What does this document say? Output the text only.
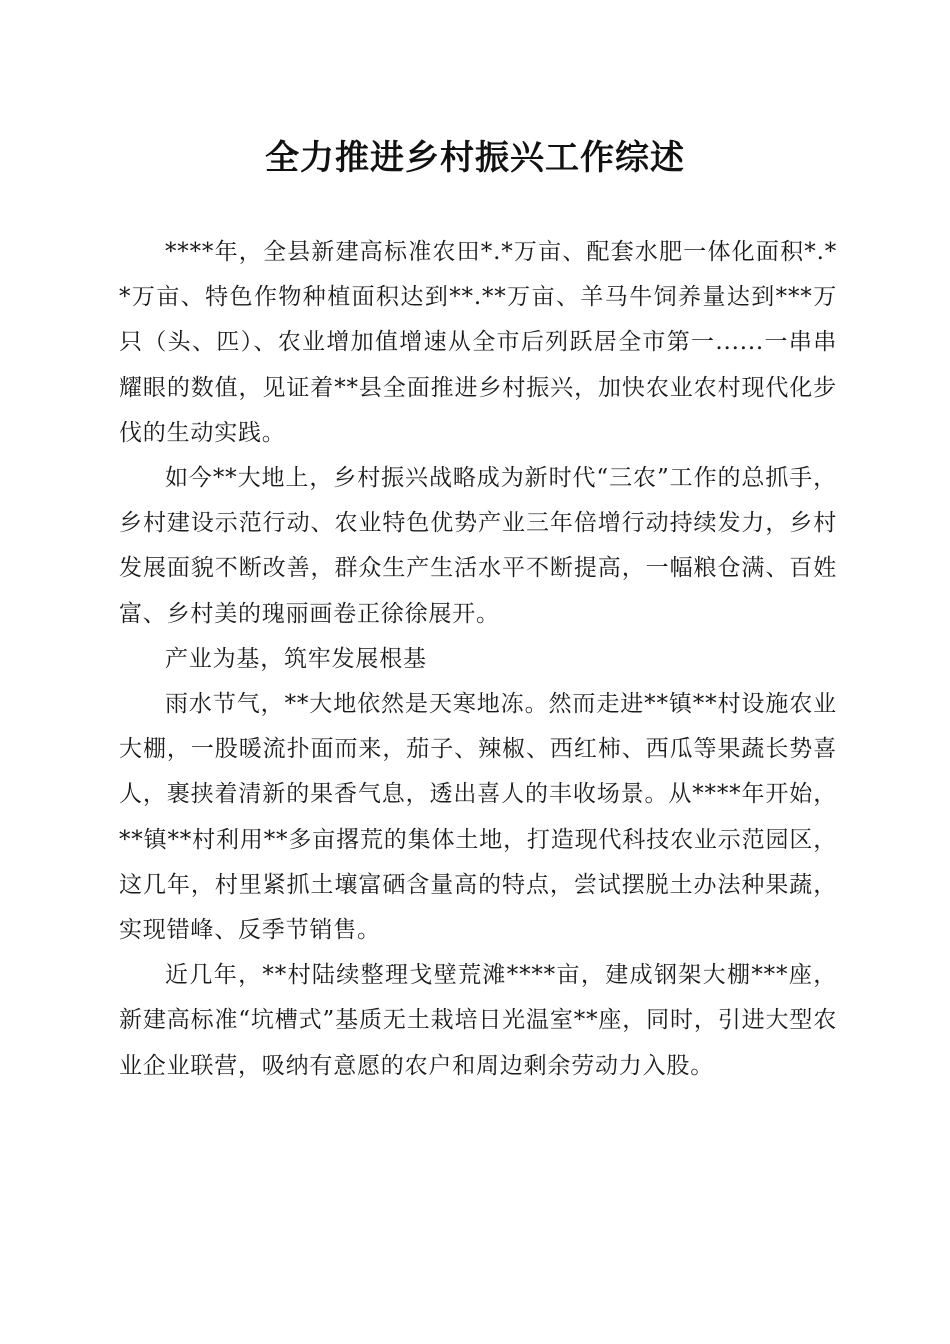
全力推进乡村振兴工作综述

****年，全县新建高标准农田*.*万亩、配套水肥一体化面积*.**万亩、特色作物种植面积达到**.**万亩、羊马牛饲养量达到***万只（头、匹）、农业增加值增速从全市后列跃居全市第一......一串串耀眼的数值，见证着**县全面推进乡村振兴，加快农业农村现代化步伐的生动实践。

如今**大地上，乡村振兴战略成为新时代“三农”工作的总抓手，乡村建设示范行动、农业特色优势产业三年倍增行动持续发力，乡村发展面貌不断改善，群众生产生活水平不断提高，一幅粮仓满、百姓富、乡村美的瑰丽画卷正徐徐展开。

产业为基，筑牢发展根基

雨水节气，**大地依然是天寒地冻。然而走进**镇**村设施农业大棚，一股暖流扑面而来，茄子、辣椒、西红柿、西瓜等果蔬长势喜人，裹挟着清新的果香气息，透出喜人的丰收场景。从****年开始，**镇**村利用**多亩撂荒的集体土地，打造现代科技农业示范园区，这几年，村里紧抓土壤富硒含量高的特点，尝试摆脱土办法种果蔬，实现错峰、反季节销售。

近几年，**村陆续整理戈壁荒滩****亩，建成钢架大棚***座，新建高标准“坑槽式”基质无土栽培日光温室**座，同时，引进大型农业企业联营，吸纳有意愿的农户和周边剩余劳动力入股。
